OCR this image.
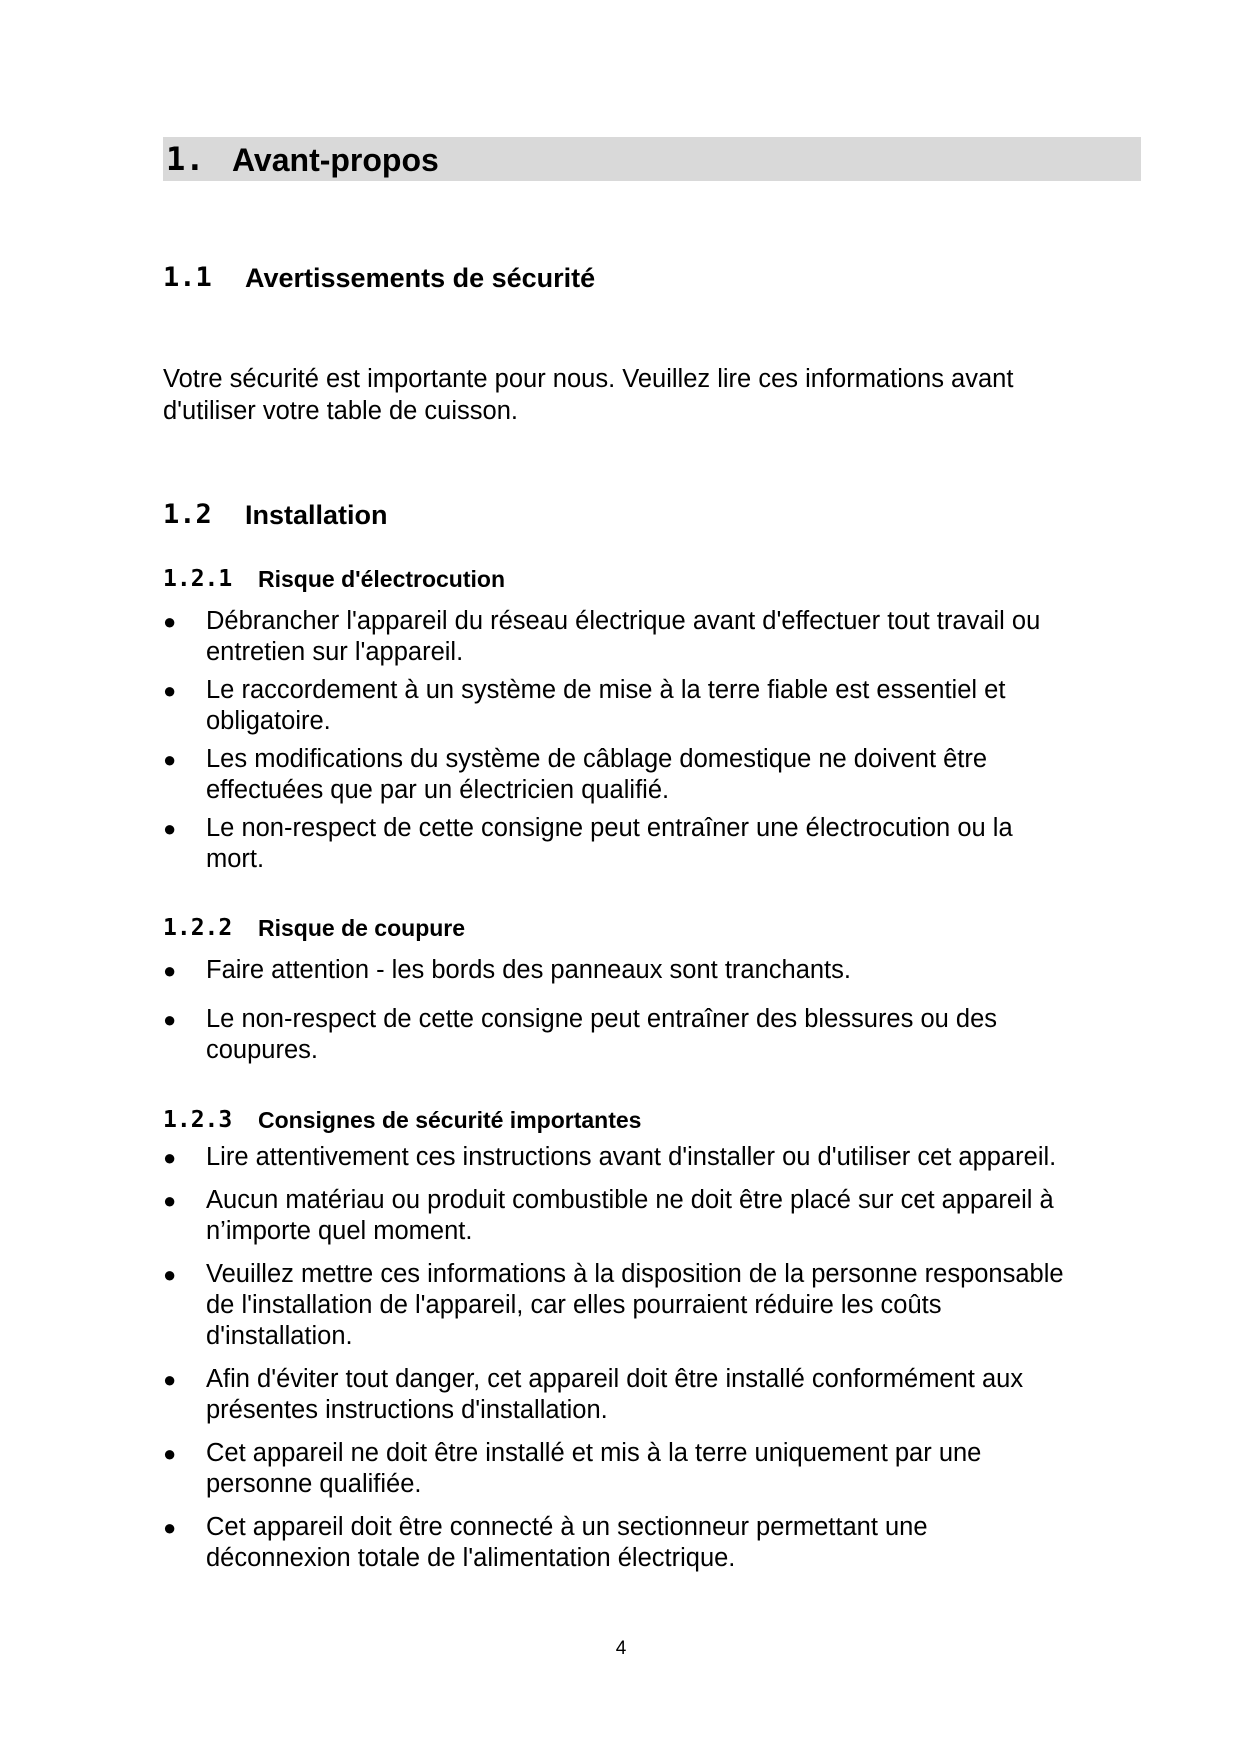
1. Avant-propos
1.1 Avertissements de sécurité

Votre sécurité est importante pour nous. Veuillez lire ces informations avant d'utiliser votre table de cuisson.

1.2 Installation
1.2.1 Risque d'électrocution
● Débrancher l'appareil du réseau électrique avant d'effectuer tout travail ou entretien sur l'appareil.
● Le raccordement à un système de mise à la terre fiable est essentiel et obligatoire.
● Les modifications du système de câblage domestique ne doivent être effectuées que par un électricien qualifié.
● Le non-respect de cette consigne peut entraîner une électrocution ou la mort.
1.2.2 Risque de coupure
● Faire attention - les bords des panneaux sont tranchants.
● Le non-respect de cette consigne peut entraîner des blessures ou des coupures.
1.2.3 Consignes de sécurité importantes
● Lire attentivement ces instructions avant d'installer ou d'utiliser cet appareil.
● Aucun matériau ou produit combustible ne doit être placé sur cet appareil à n’importe quel moment.
● Veuillez mettre ces informations à la disposition de la personne responsable de l'installation de l'appareil, car elles pourraient réduire les coûts d'installation.
● Afin d'éviter tout danger, cet appareil doit être installé conformément aux présentes instructions d'installation.
● Cet appareil ne doit être installé et mis à la terre uniquement par une personne qualifiée.
● Cet appareil doit être connecté à un sectionneur permettant une déconnexion totale de l'alimentation électrique.
4
